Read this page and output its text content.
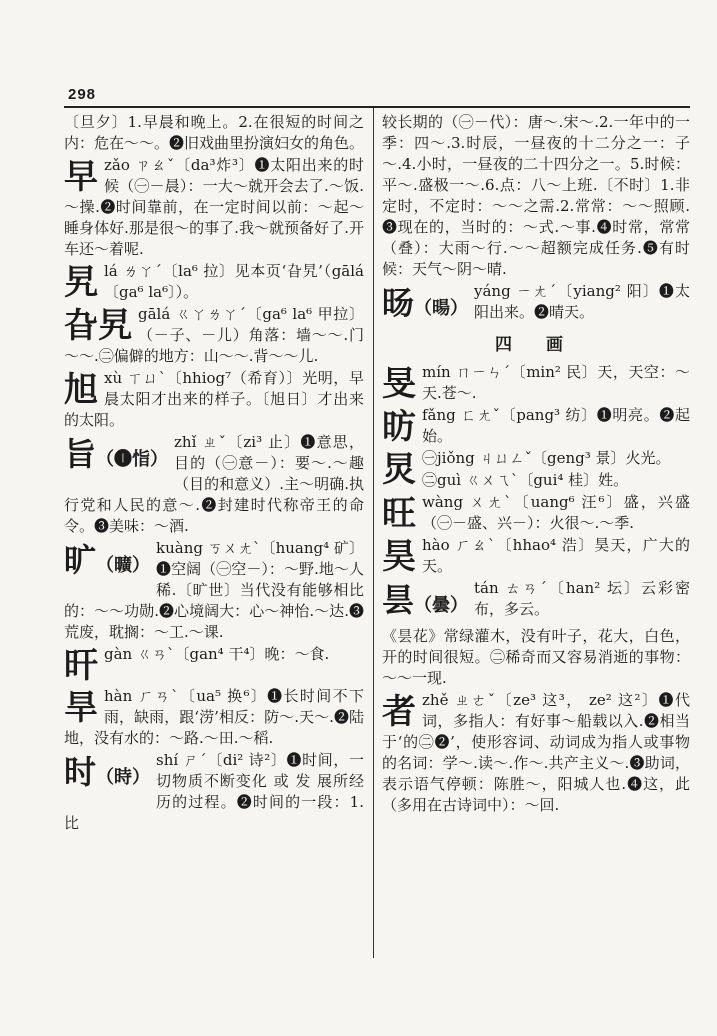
298

〔旦夕〕1.早晨和晚上。2.在很短的时间之内：危在～～。❷旧戏曲里扮演妇女的角色。

早 zǎo ㄗㄠˇ〔da³炸³〕❶太阳出来的时候（㊀－晨）：一大～就开会去了.～饭.～操.❷时间靠前，在一定时间以前：～起～睡身体好.那是很～的事了.我～就预备好了.开车还～着呢.

旯 lá ㄌㄚˊ〔la⁶ 拉〕见本页‘旮旯’（gālá〔ga⁶ la⁶〕）。

旮旯 gālá ㄍㄚㄌㄚˊ〔ga⁶ la⁶ 甲拉〕（－子、－儿）角落：墙～～.门～～.㊁偏僻的地方：山～～.背～～儿.

旭 xù ㄒㄩˋ〔hhiog⁷（希育）〕光明，早晨太阳才出来的样子。〔旭日〕才出来的太阳。

旨（❶恉）

zhǐ ㄓˇ〔zi³ 止〕❶意思，目的（㊀意－）：要～.～趣（目的和意义）.主～明确.执行党和人民的意～.❷封建时代称帝王的命令。❸美味：～酒.

旷（曠）

kuàng ㄎㄨㄤˋ〔huang⁴ 矿〕❶空阔（㊀空－）：～野.地～人稀.〔旷世〕当代没有能够相比的：～～功勋.❷心境阔大：心～神怡.～达.❸荒废，耽搁：～工.～课.

旰 gàn ㄍㄢˋ〔gan⁴ 干⁴〕晚：～食.

旱 hàn ㄏㄢˋ〔ua⁵ 换⁶〕❶长时间不下雨，缺雨，跟‘涝’相反：防～.天～.❷陆地，没有水的：～路.～田.～稻.

时（時）

shí ㄕˊ〔di² 诗²〕❶时间，一切物质不断变化 或 发 展所经历的过程。❷时间的一段：1.比

较长期的（㊀－代）：唐～.宋～.2.一年中的一季：四～.3.时辰，一昼夜的十二分之一：子～.4.小时，一昼夜的二十四分之一。5.时候：平～.盛极一～.6.点：八～上班.〔不时〕1.非定时，不定时：～～之需.2.常常：～～照顾.❸现在的，当时的：～式.～事.❹时常，常常（叠）：大雨～行.～～超额完成任务.❺有时候：天气～阴～晴.

旸（暘）

yáng ㄧㄤˊ〔yiang² 阳〕❶太阳出来。❷晴天。

四 画
旻 mín ㄇㄧㄣˊ〔min² 民〕天，天空：～天.苍～.

昉 fǎng ㄈㄤˇ〔pang³ 纺〕❶明亮。❷起始。

炅 ㊀jiǒng ㄐㄩㄥˇ〔geng³ 景〕火光。

㊁guì ㄍㄨㄟˋ〔gui⁴ 桂〕姓。

旺 wàng ㄨㄤˋ〔uang⁶ 汪⁶〕盛，兴盛（㊀－盛、兴－）：火很～.～季.

昊 hào ㄏㄠˋ〔hhao⁴ 浩〕昊天，广大的天。

昙（曇）

tán ㄊㄢˊ〔han² 坛〕云彩密布，多云。

《昙花》常绿灌木，没有叶子，花大，白色，开的时间很短。㊁稀奇而又容易消逝的事物：～～一现.

者 zhě ㄓㄜˇ〔ze³ 这³， ze² 这²〕❶代词，多指人：有好事～船载以入.❷相当于‘的㊁❷’，使形容词、动词成为指人或事物的名词：学～.读～.作～.共产主义～.❸助词，表示语气停顿：陈胜～，阳城人也.❹这，此（多用在古诗词中）：～回.
